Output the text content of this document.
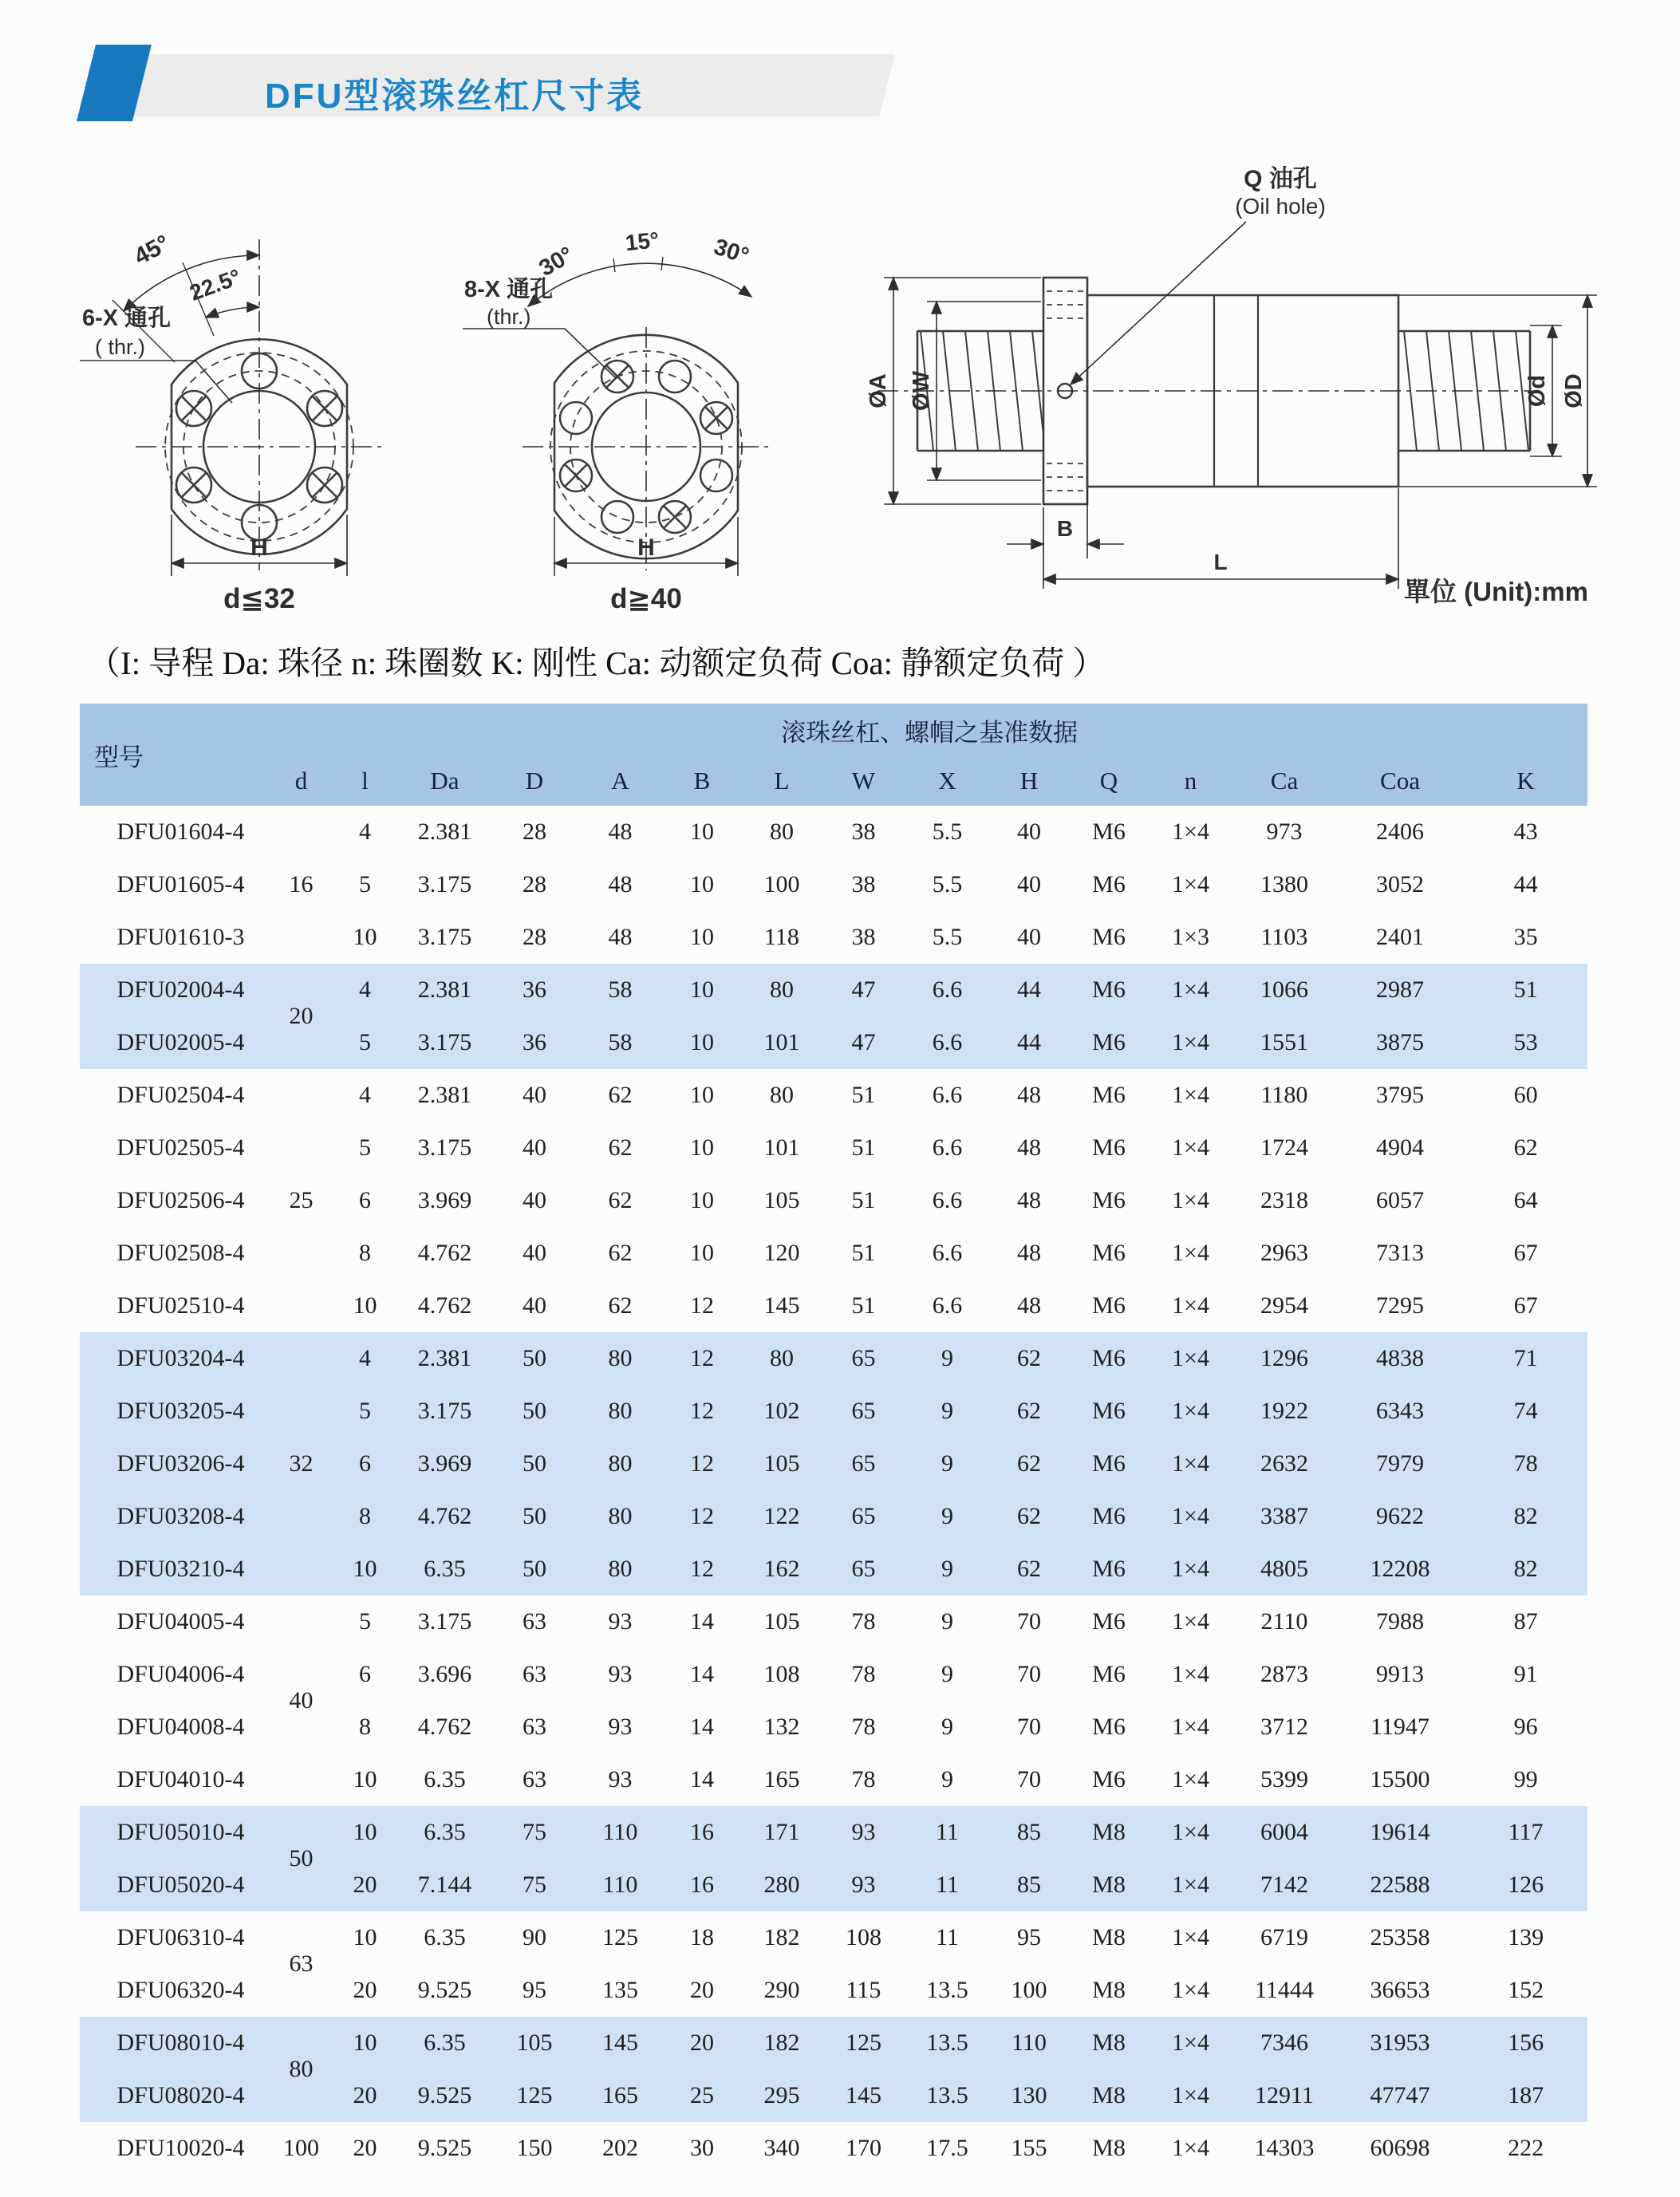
DFU型滚珠丝杠尺寸表
45°
22.5°
6-X 通孔
( thr.)
H
d≦32
30°
15° 30°
8-X 通孔
(thr.)
H
d≧40
Q 油孔
(Oil hole)
ØA ØW	Ød ØD
B
L
單位 (Unit):mm
（I: 导程 Da: 珠径 n: 珠圈数 K: 刚性 Ca: 动额定负荷 Coa: 静额定负荷 ）
型号	滚珠丝杠、螺帽之基准数据														
	d	l	Da	D	A	B	L	W	X	H	Q	n	Ca	Coa	K
DFU01604-4	16	4	2.381	28	48	10	80	38	5.5	40	M6	1×4	973	2406	43
DFU01605-4		5	3.175	28	48	10	100	38	5.5	40	M6	1×4	1380	3052	44
DFU01610-3		10	3.175	28	48	10	118	38	5.5	40	M6	1×3	1103	2401	35
DFU02004-4	20	4	2.381	36	58	10	80	47	6.6	44	M6	1×4	1066	2987	51
DFU02005-4		5	3.175	36	58	10	101	47	6.6	44	M6	1×4	1551	3875	53
DFU02504-4	25	4	2.381	40	62	10	80	51	6.6	48	M6	1×4	1180	3795	60
DFU02505-4		5	3.175	40	62	10	101	51	6.6	48	M6	1×4	1724	4904	62
DFU02506-4		6	3.969	40	62	10	105	51	6.6	48	M6	1×4	2318	6057	64
DFU02508-4		8	4.762	40	62	10	120	51	6.6	48	M6	1×4	2963	7313	67
DFU02510-4		10	4.762	40	62	12	145	51	6.6	48	M6	1×4	2954	7295	67
DFU03204-4	32	4	2.381	50	80	12	80	65	9	62	M6	1×4	1296	4838	71
DFU03205-4		5	3.175	50	80	12	102	65	9	62	M6	1×4	1922	6343	74
DFU03206-4		6	3.969	50	80	12	105	65	9	62	M6	1×4	2632	7979	78
DFU03208-4		8	4.762	50	80	12	122	65	9	62	M6	1×4	3387	9622	82
DFU03210-4		10	6.35	50	80	12	162	65	9	62	M6	1×4	4805	12208	82
DFU04005-4	40	5	3.175	63	93	14	105	78	9	70	M6	1×4	2110	7988	87
DFU04006-4		6	3.696	63	93	14	108	78	9	70	M6	1×4	2873	9913	91
DFU04008-4		8	4.762	63	93	14	132	78	9	70	M6	1×4	3712	11947	96
DFU04010-4		10	6.35	63	93	14	165	78	9	70	M6	1×4	5399	15500	99
DFU05010-4	50	10	6.35	75	110	16	171	93	11	85	M8	1×4	6004	19614	117
DFU05020-4		20	7.144	75	110	16	280	93	11	85	M8	1×4	7142	22588	126
DFU06310-4	63	10	6.35	90	125	18	182	108	11	95	M8	1×4	6719	25358	139
DFU06320-4		20	9.525	95	135	20	290	115	13.5	100	M8	1×4	11444	36653	152
DFU08010-4	80	10	6.35	105	145	20	182	125	13.5	110	M8	1×4	7346	31953	156
DFU08020-4		20	9.525	125	165	25	295	145	13.5	130	M8	1×4	12911	47747	187
DFU10020-4	100	20	9.525	150	202	30	340	170	17.5	155	M8	1×4	14303	60698	222
